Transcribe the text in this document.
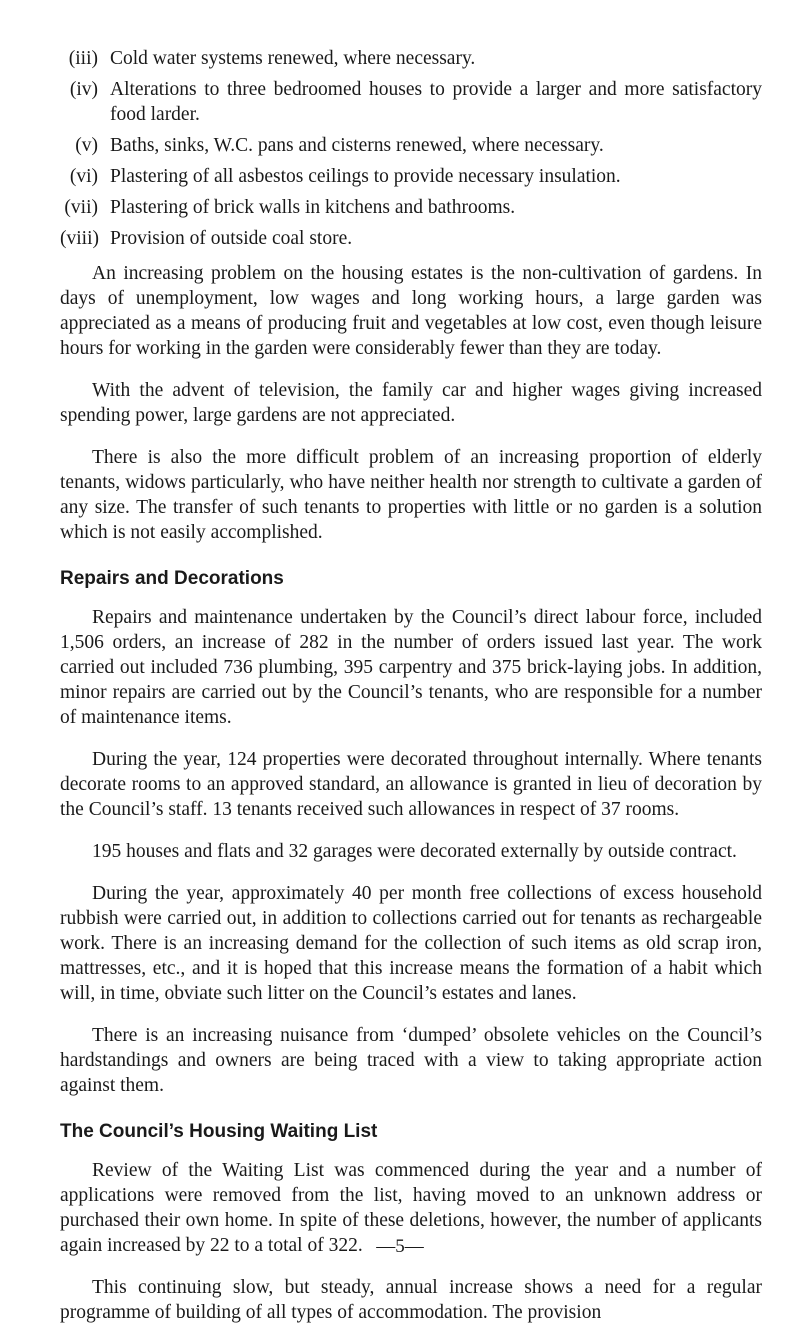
(iii) Cold water systems renewed, where necessary.
(iv) Alterations to three bedroomed houses to provide a larger and more satisfactory food larder.
(v) Baths, sinks, W.C. pans and cisterns renewed, where necessary.
(vi) Plastering of all asbestos ceilings to provide necessary insulation.
(vii) Plastering of brick walls in kitchens and bathrooms.
(viii) Provision of outside coal store.

An increasing problem on the housing estates is the non-cultivation of gardens. In days of unemployment, low wages and long working hours, a large garden was appreciated as a means of producing fruit and vegetables at low cost, even though leisure hours for working in the garden were considerably fewer than they are today.

With the advent of television, the family car and higher wages giving increased spending power, large gardens are not appreciated.

There is also the more difficult problem of an increasing proportion of elderly tenants, widows particularly, who have neither health nor strength to cultivate a garden of any size. The transfer of such tenants to properties with little or no garden is a solution which is not easily accomplished.

Repairs and Decorations

Repairs and maintenance undertaken by the Council’s direct labour force, included 1,506 orders, an increase of 282 in the number of orders issued last year. The work carried out included 736 plumbing, 395 carpentry and 375 brick-laying jobs. In addition, minor repairs are carried out by the Council’s tenants, who are responsible for a number of maintenance items.

During the year, 124 properties were decorated throughout internally. Where tenants decorate rooms to an approved standard, an allowance is granted in lieu of decoration by the Council’s staff. 13 tenants received such allowances in respect of 37 rooms.

195 houses and flats and 32 garages were decorated externally by outside contract.

During the year, approximately 40 per month free collections of excess household rubbish were carried out, in addition to collections carried out for tenants as rechargeable work. There is an increasing demand for the collection of such items as old scrap iron, mattresses, etc., and it is hoped that this increase means the formation of a habit which will, in time, obviate such litter on the Council’s estates and lanes.

There is an increasing nuisance from ‘dumped’ obsolete vehicles on the Council’s hardstandings and owners are being traced with a view to taking appropriate action against them.

The Council’s Housing Waiting List

Review of the Waiting List was commenced during the year and a number of applications were removed from the list, having moved to an unknown address or purchased their own home. In spite of these deletions, however, the number of applicants again increased by 22 to a total of 322.

This continuing slow, but steady, annual increase shows a need for a regular programme of building of all types of accommodation. The provision

—5—
